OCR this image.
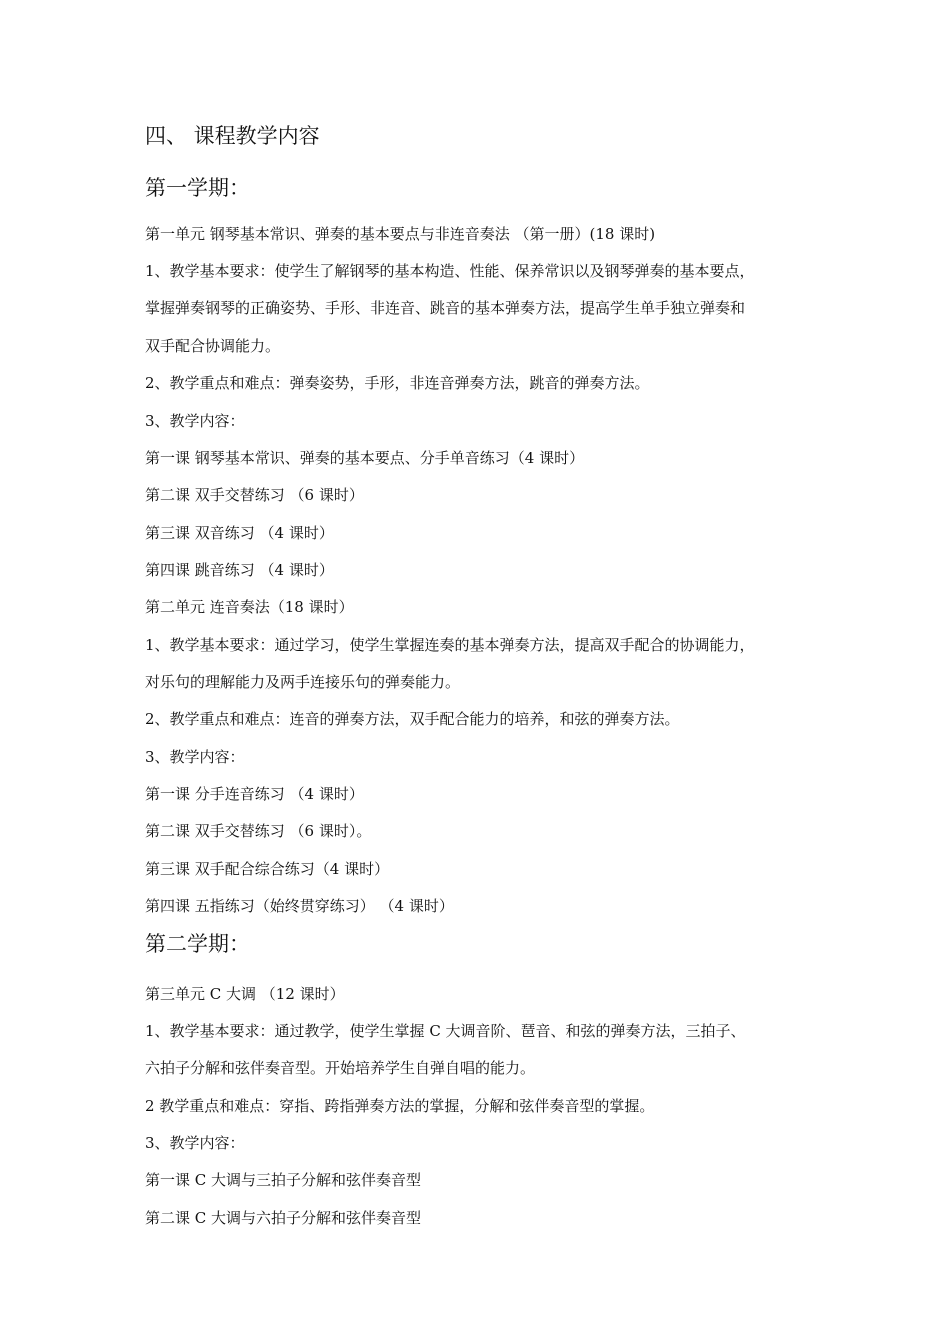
四、 课程教学内容
第一学期：
第一单元 钢琴基本常识、弹奏的基本要点与非连音奏法 （第一册）(18 课时)
1、教学基本要求：使学生了解钢琴的基本构造、性能、保养常识以及钢琴弹奏的基本要点，
掌握弹奏钢琴的正确姿势、手形、非连音、跳音的基本弹奏方法，提高学生单手独立弹奏和
双手配合协调能力。
2、教学重点和难点：弹奏姿势，手形，非连音弹奏方法，跳音的弹奏方法。
3、教学内容：
第一课 钢琴基本常识、弹奏的基本要点、分手单音练习（4 课时）
第二课 双手交替练习 （6 课时）
第三课 双音练习 （4 课时）
第四课 跳音练习 （4 课时）
第二单元 连音奏法（18 课时）
1、教学基本要求：通过学习，使学生掌握连奏的基本弹奏方法，提高双手配合的协调能力，
对乐句的理解能力及两手连接乐句的弹奏能力。
2、教学重点和难点：连音的弹奏方法，双手配合能力的培养，和弦的弹奏方法。
3、教学内容：
第一课 分手连音练习 （4 课时）
第二课 双手交替练习 （6 课时）。
第三课 双手配合综合练习（4 课时）
第四课 五指练习（始终贯穿练习） （4 课时）
第二学期：
第三单元 C 大调 （12 课时）
1、教学基本要求：通过教学，使学生掌握 C 大调音阶、琶音、和弦的弹奏方法，三拍子、
六拍子分解和弦伴奏音型。开始培养学生自弹自唱的能力。
2 教学重点和难点：穿指、跨指弹奏方法的掌握，分解和弦伴奏音型的掌握。
3、教学内容：
第一课 C 大调与三拍子分解和弦伴奏音型
第二课 C 大调与六拍子分解和弦伴奏音型
